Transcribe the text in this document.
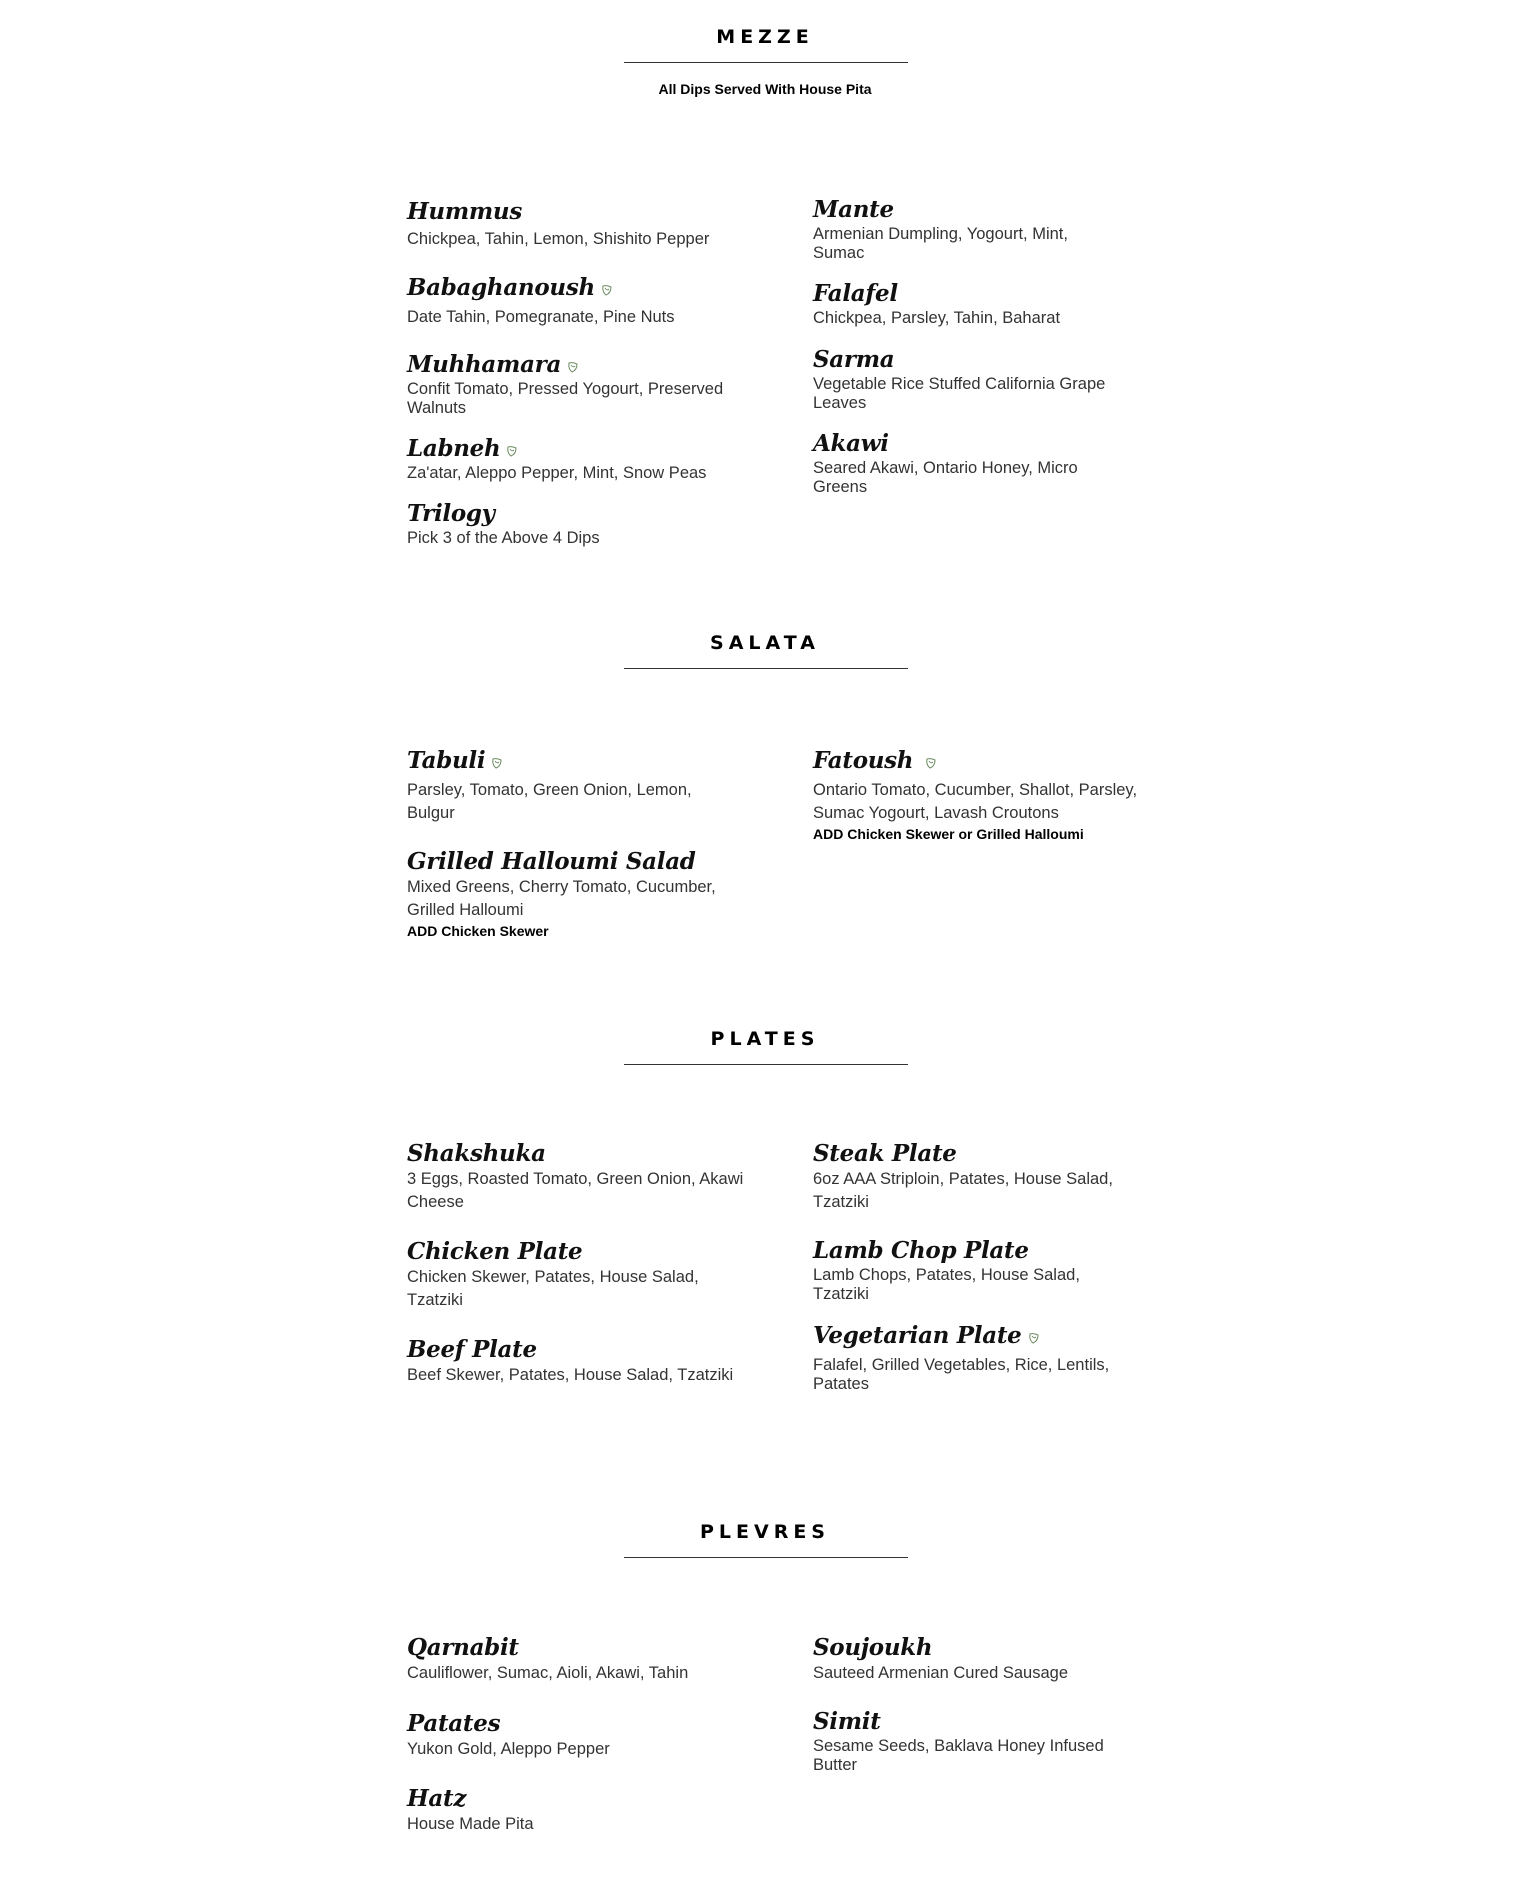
MEZZE
All Dips Served With House Pita
Hummus
Chickpea, Tahin, Lemon, Shishito Pepper
Babaghanoush
Date Tahin, Pomegranate, Pine Nuts
Muhhamara
Confit Tomato, Pressed Yogourt, Preserved Walnuts
Labneh
Za'atar, Aleppo Pepper, Mint, Snow Peas
Trilogy
Pick 3 of the Above 4 Dips
Mante
Armenian Dumpling, Yogourt, Mint, Sumac
Falafel
Chickpea, Parsley, Tahin, Baharat
Sarma
Vegetable Rice Stuffed California Grape Leaves
Akawi
Seared Akawi, Ontario Honey, Micro Greens
SALATA
Tabuli
Parsley, Tomato, Green Onion, Lemon, Bulgur
Grilled Halloumi Salad
Mixed Greens, Cherry Tomato, Cucumber, Grilled Halloumi
ADD Chicken Skewer
Fatoush
Ontario Tomato, Cucumber, Shallot, Parsley, Sumac Yogourt, Lavash Croutons
ADD Chicken Skewer or Grilled Halloumi
PLATES
Shakshuka
3 Eggs, Roasted Tomato, Green Onion, Akawi Cheese
Chicken Plate
Chicken Skewer, Patates, House Salad, Tzatziki
Beef Plate
Beef Skewer, Patates, House Salad, Tzatziki
Steak Plate
6oz AAA Striploin, Patates, House Salad, Tzatziki
Lamb Chop Plate
Lamb Chops, Patates, House Salad, Tzatziki
Vegetarian Plate
Falafel, Grilled Vegetables, Rice, Lentils, Patates
PLEVRES
Qarnabit
Cauliflower, Sumac, Aioli, Akawi, Tahin
Patates
Yukon Gold, Aleppo Pepper
Hatz
House Made Pita
Soujoukh
Sauteed Armenian Cured Sausage
Simit
Sesame Seeds, Baklava Honey Infused Butter
